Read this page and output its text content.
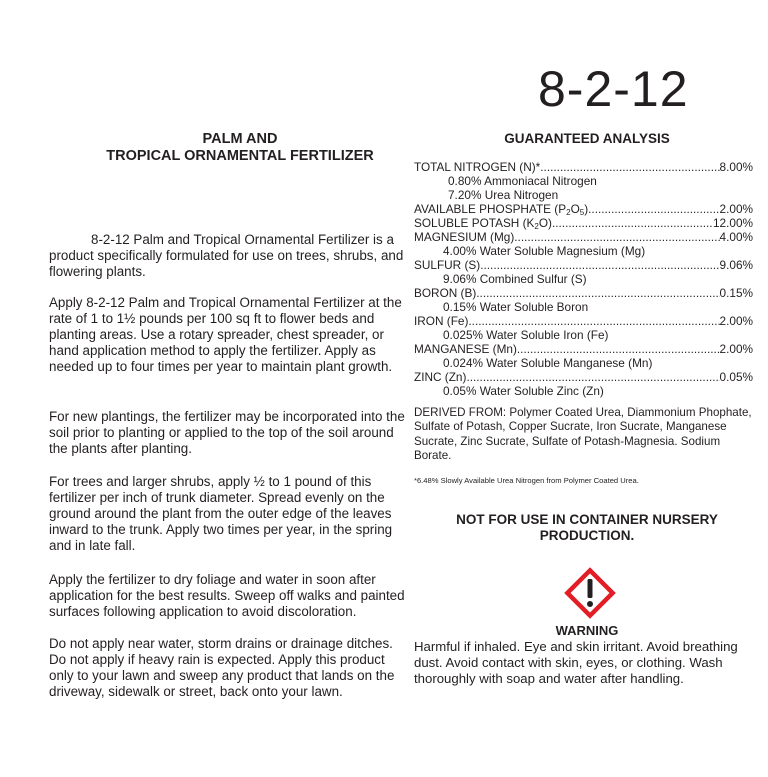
8-2-12
PALM AND
TROPICAL ORNAMENTAL FERTILIZER
8-2-12 Palm and Tropical Ornamental Fertilizer is a product specifically formulated for use on trees, shrubs, and flowering plants.
Apply 8-2-12 Palm and Tropical Ornamental Fertilizer at the rate of 1 to 1½ pounds per 100 sq ft to flower beds and planting areas. Use a rotary spreader, chest spreader, or hand application method to apply the fertilizer. Apply as needed up to four times per year to maintain plant growth.
For new plantings, the fertilizer may be incorporated into the soil prior to planting or applied to the top of the soil around the plants after planting.
For trees and larger shrubs, apply ½ to 1 pound of this fertilizer per inch of trunk diameter. Spread evenly on the ground around the plant from the outer edge of the leaves inward to the trunk. Apply two times per year, in the spring and in late fall.
Apply the fertilizer to dry foliage and water in soon after application for the best results. Sweep off walks and painted surfaces following application to avoid discoloration.
Do not apply near water, storm drains or drainage ditches. Do not apply if heavy rain is expected. Apply this product only to your lawn and sweep any product that lands on the driveway, sidewalk or street, back onto your lawn.
GUARANTEED ANALYSIS
TOTAL NITROGEN (N)* .....	8.00%
0.80% Ammoniacal Nitrogen
7.20% Urea Nitrogen
AVAILABLE PHOSPHATE $(P_2O_5)$ .....	2.00%
SOLUBLE POTASH $(K_2O)$ .....	12.00%
MAGNESIUM (Mg) .....	4.00%
4.00% Water Soluble Magnesium (Mg)
SULFUR (S) .....	9.06%
9.06% Combined Sulfur (S)
BORON (B) .....	0.15%
0.15% Water Soluble Boron
IRON (Fe) .....	2.00%
0.025% Water Soluble Iron (Fe)
MANGANESE (Mn) .....	2.00%
0.024% Water Soluble Manganese (Mn)
ZINC (Zn) .....	0.05%
0.05% Water Soluble Zinc (Zn)
DERIVED FROM: Polymer Coated Urea, Diammonium Phophate, Sulfate of Potash, Copper Sucrate, Iron Sucrate, Manganese Sucrate, Zinc Sucrate, Sulfate of Potash-Magnesia. Sodium Borate.
*6.48% Slowly Available Urea Nitrogen from Polymer Coated Urea.
NOT FOR USE IN CONTAINER NURSERY
PRODUCTION.
WARNING
Harmful if inhaled. Eye and skin irritant. Avoid breathing dust. Avoid contact with skin, eyes, or clothing. Wash thoroughly with soap and water after handling.
